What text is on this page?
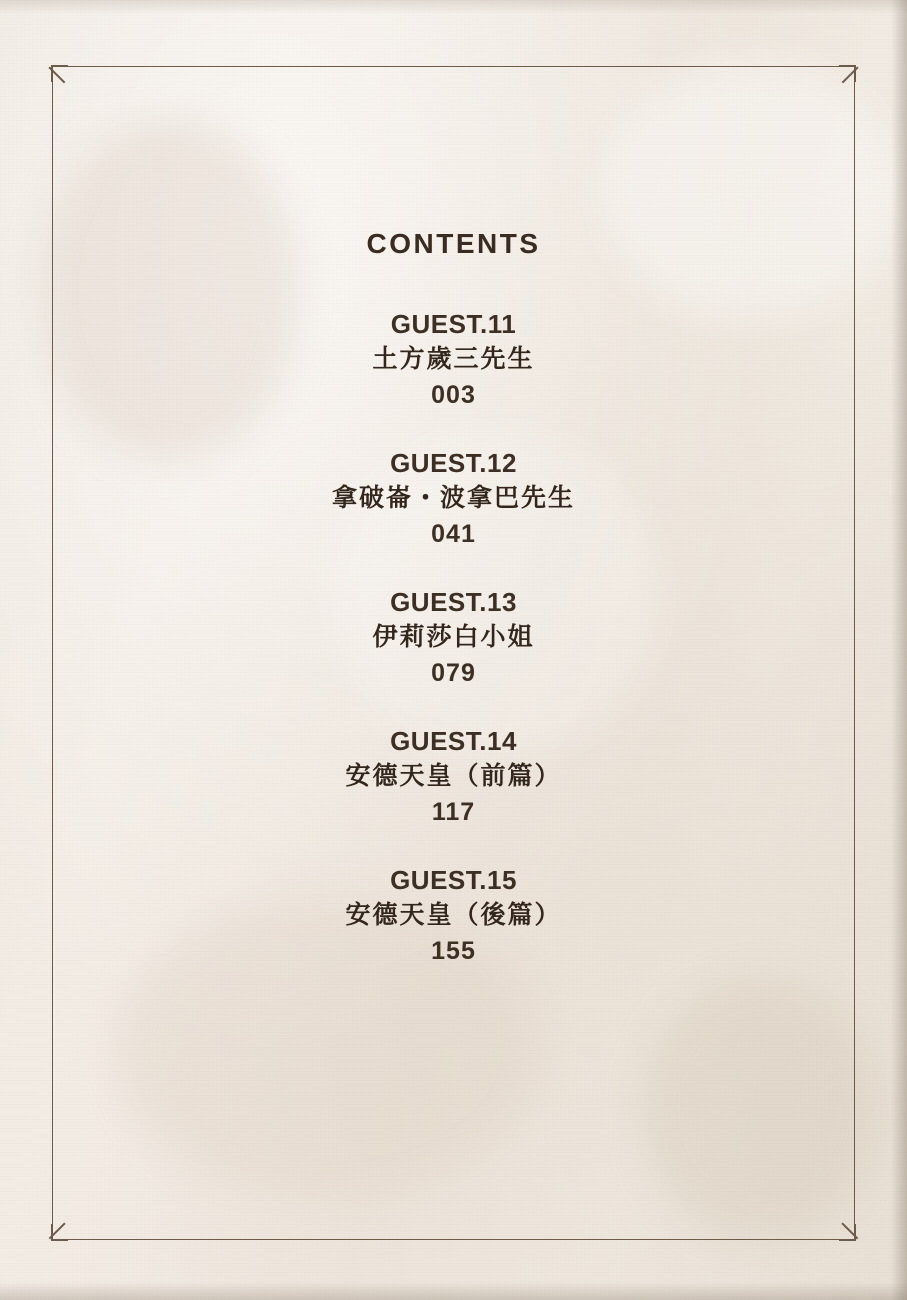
CONTENTS
GUEST.11
土方歲三先生
003
GUEST.12
拿破崙・波拿巴先生
041
GUEST.13
伊莉莎白小姐
079
GUEST.14
安德天皇（前篇）
117
GUEST.15
安德天皇（後篇）
155
